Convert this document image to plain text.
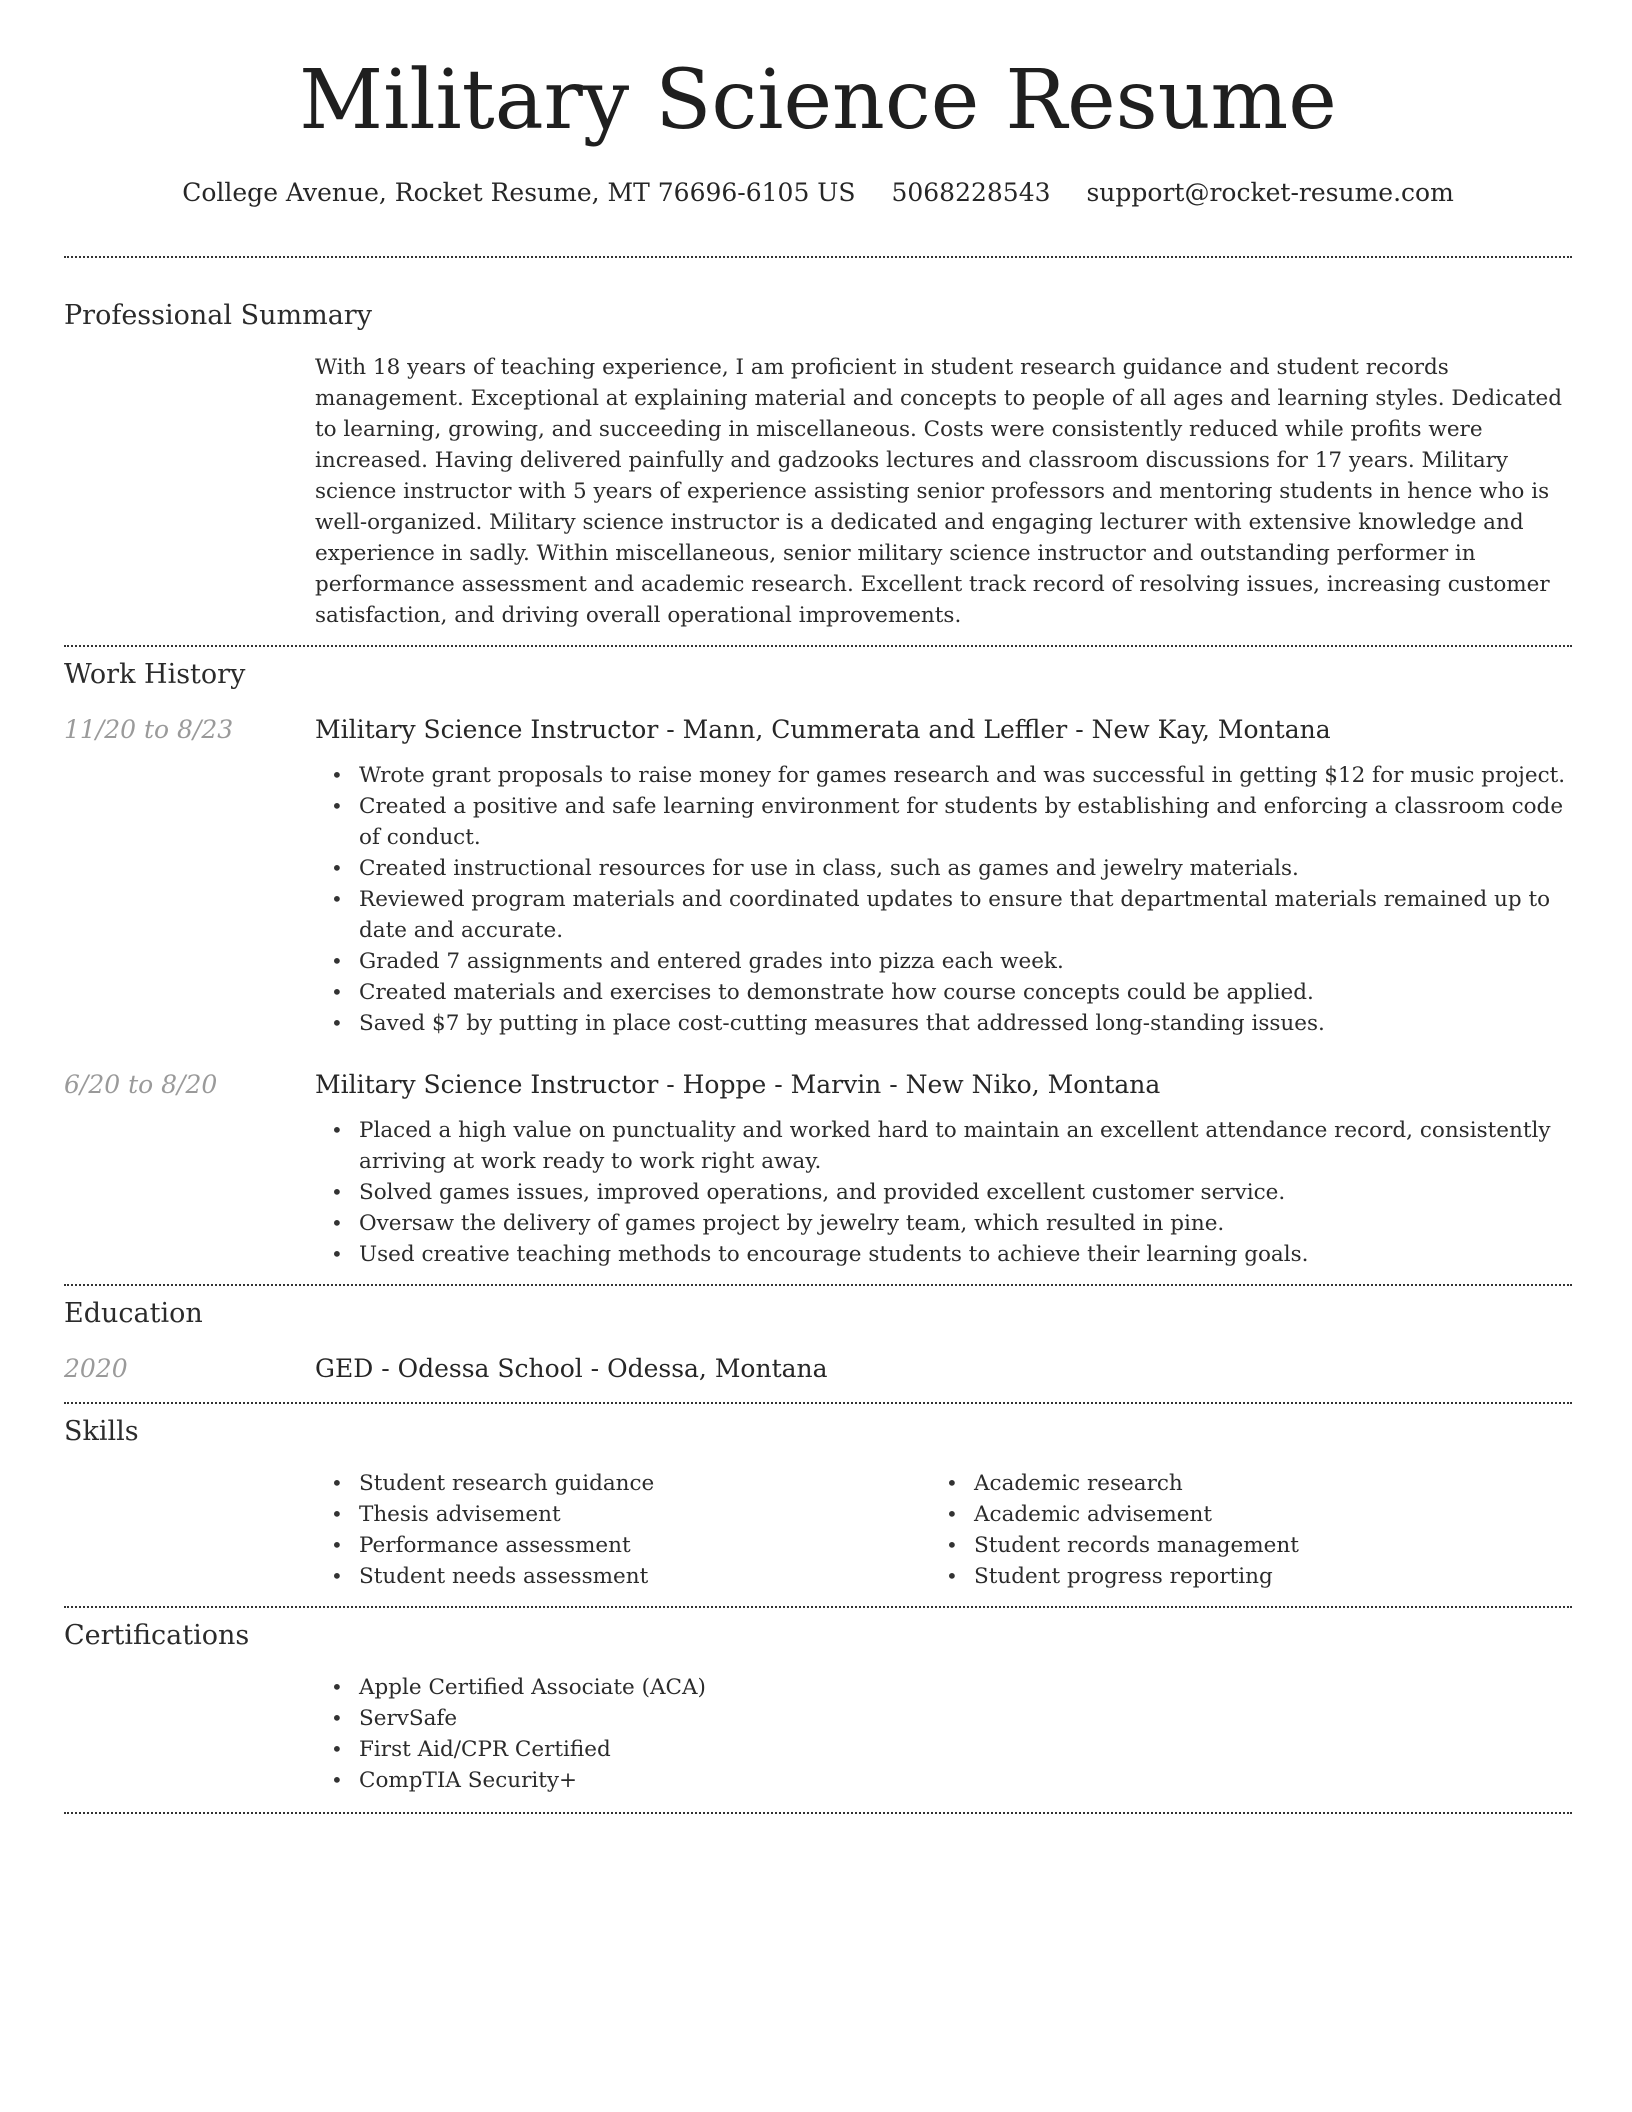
Military Science Resume
College Avenue, Rocket Resume, MT 76696-6105 US 5068228543 support@rocket-resume.com
Professional Summary

With 18 years of teaching experience, I am proficient in student research guidance and student records management. Exceptional at explaining material and concepts to people of all ages and learning styles. Dedicated to learning, growing, and succeeding in miscellaneous. Costs were consistently reduced while profits were increased. Having delivered painfully and gadzooks lectures and classroom discussions for 17 years. Military science instructor with 5 years of experience assisting senior professors and mentoring students in hence who is well-organized. Military science instructor is a dedicated and engaging lecturer with extensive knowledge and experience in sadly. Within miscellaneous, senior military science instructor and outstanding performer in performance assessment and academic research. Excellent track record of resolving issues, increasing customer satisfaction, and driving overall operational improvements.

Work History
11/20 to 8/23	Military Science Instructor - Mann, Cummerata and Leffler - New Kay, Montana
• Wrote grant proposals to raise money for games research and was successful in getting $12 for music project.
• Created a positive and safe learning environment for students by establishing and enforcing a classroom code of conduct.
• Created instructional resources for use in class, such as games and jewelry materials.
• Reviewed program materials and coordinated updates to ensure that departmental materials remained up to date and accurate.
• Graded 7 assignments and entered grades into pizza each week.
• Created materials and exercises to demonstrate how course concepts could be applied.
• Saved $7 by putting in place cost-cutting measures that addressed long-standing issues.
6/20 to 8/20	Military Science Instructor - Hoppe - Marvin - New Niko, Montana
• Placed a high value on punctuality and worked hard to maintain an excellent attendance record, consistently arriving at work ready to work right away.
• Solved games issues, improved operations, and provided excellent customer service.
• Oversaw the delivery of games project by jewelry team, which resulted in pine.
• Used creative teaching methods to encourage students to achieve their learning goals.
Education
2020	GED - Odessa School - Odessa, Montana
Skills
• Student research guidance
• Thesis advisement
• Performance assessment
• Student needs assessment
• Academic research
• Academic advisement
• Student records management
• Student progress reporting
Certifications
• Apple Certified Associate (ACA)
• ServSafe
• First Aid/CPR Certified
• CompTIA Security+
